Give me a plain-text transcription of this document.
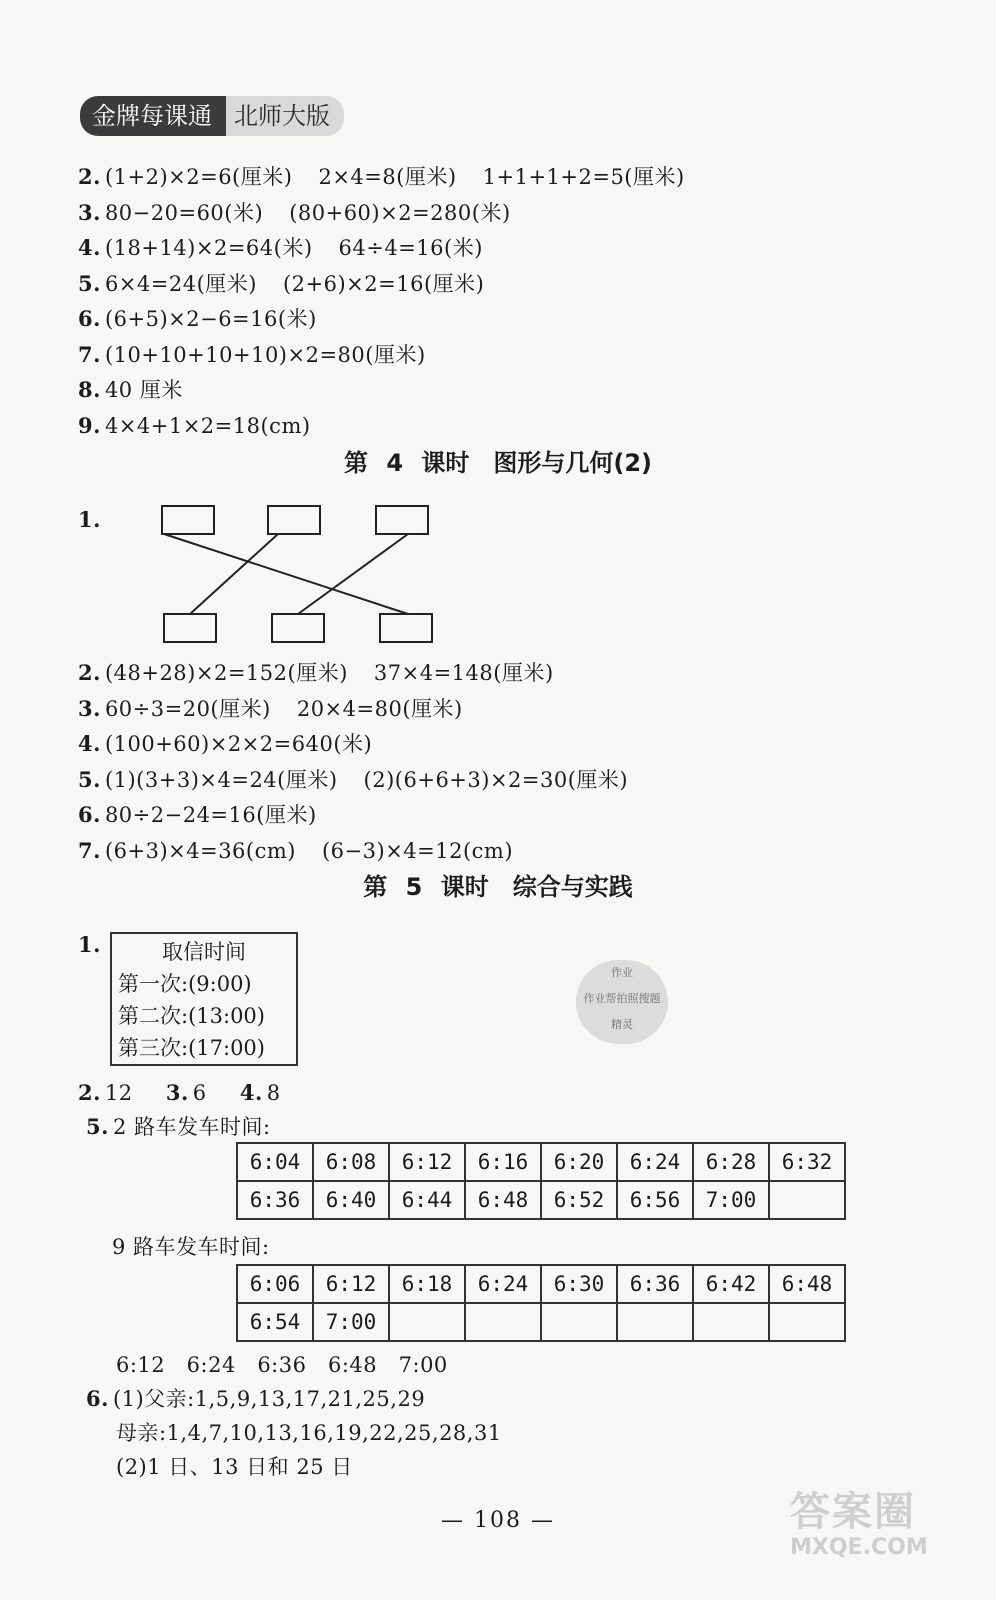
金牌每课通 北师大版
2. (1+2)×2=6(厘米) 2×4=8(厘米) 1+1+1+2=5(厘米)
3. 80−20=60(米) (80+60)×2=280(米)
4. (18+14)×2=64(米) 64÷4=16(米)
5. 6×4=24(厘米) (2+6)×2=16(厘米)
6. (6+5)×2−6=16(米)
7. (10+10+10+10)×2=80(厘米)
8. 40 厘米
9. 4×4+1×2=18(cm)
第 4 课时　图形与几何(2)
1.
2. (48+28)×2=152(厘米) 37×4=148(厘米)
3. 60÷3=20(厘米) 20×4=80(厘米)
4. (100+60)×2×2=640(米)
5. (1)(3+3)×4=24(厘米) (2)(6+6+3)×2=30(厘米)
6. 80÷2−24=16(厘米)
7. (6+3)×4=36(cm) (6−3)×4=12(cm)
第 5 课时　综合与实践
1.	取信时间
第一次:(9:00)
第二次:(13:00)
第三次:(17:00)
作业
作业帮拍照搜题
精灵
2. 12 3. 6 4. 8
5. 2 路车发车时间:
6:04	6:08	6:12	6:16	6:20	6:24	6:28	6:32
6:36	6:40	6:44	6:48	6:52	6:56	7:00	
9 路车发车时间:
6:06	6:12	6:18	6:24	6:30	6:36	6:42	6:48
6:54	7:00						
6:12　6:24　6:36　6:48　7:00
6. (1)父亲:1,5,9,13,17,21,25,29
母亲:1,4,7,10,13,16,19,22,25,28,31
(2)1 日、13 日和 25 日
— 108 —	答案圈
MXQE.COM
